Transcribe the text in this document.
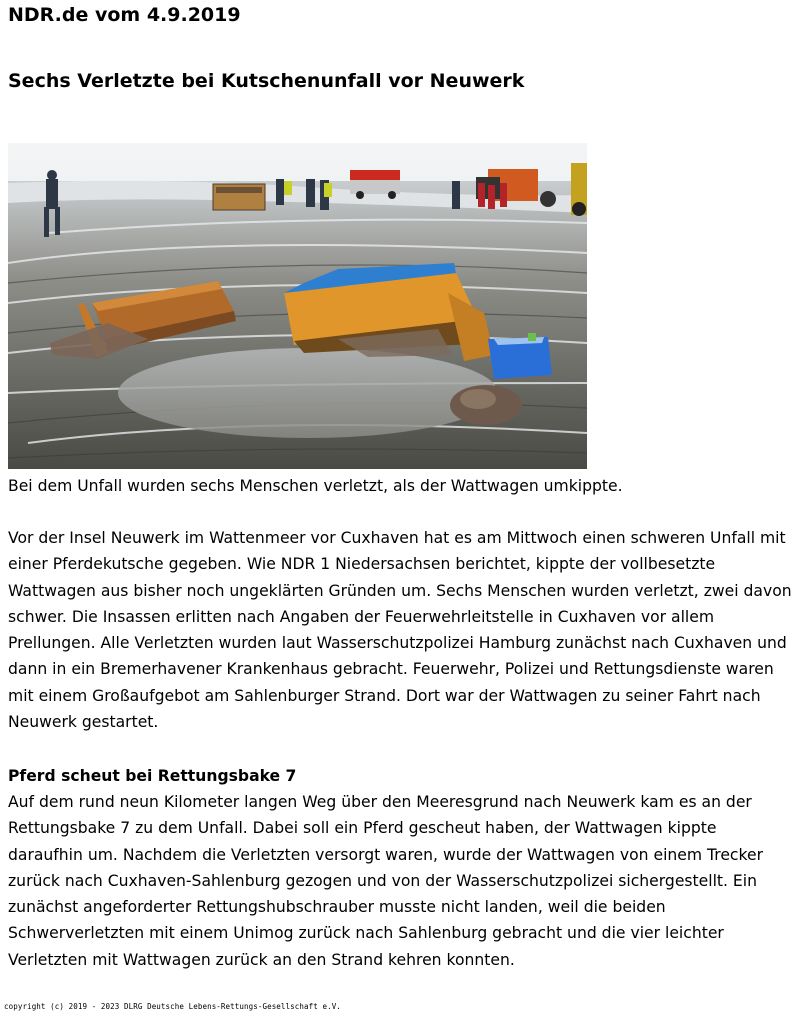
NDR.de vom 4.9.2019
Sechs Verletzte bei Kutschenunfall vor Neuwerk

Bei dem Unfall wurden sechs Menschen verletzt, als der Wattwagen umkippte.

Vor der Insel Neuwerk im Wattenmeer vor Cuxhaven hat es am Mittwoch einen schweren Unfall mit einer Pferdekutsche gegeben. Wie NDR 1 Niedersachsen berichtet, kippte der vollbesetzte Wattwagen aus bisher noch ungeklärten Gründen um. Sechs Menschen wurden verletzt, zwei davon schwer. Die Insassen erlitten nach Angaben der Feuerwehrleitstelle in Cuxhaven vor allem Prellungen. Alle Verletzten wurden laut Wasserschutzpolizei Hamburg zunächst nach Cuxhaven und dann in ein Bremerhavener Krankenhaus gebracht. Feuerwehr, Polizei und Rettungsdienste waren mit einem Großaufgebot am Sahlenburger Strand. Dort war der Wattwagen zu seiner Fahrt nach Neuwerk gestartet.

Pferd scheut bei Rettungsbake 7

Auf dem rund neun Kilometer langen Weg über den Meeresgrund nach Neuwerk kam es an der Rettungsbake 7 zu dem Unfall. Dabei soll ein Pferd gescheut haben, der Wattwagen kippte daraufhin um. Nachdem die Verletzten versorgt waren, wurde der Wattwagen von einem Trecker zurück nach Cuxhaven-Sahlenburg gezogen und von der Wasserschutzpolizei sichergestellt. Ein zunächst angeforderter Rettungshubschrauber musste nicht landen, weil die beiden Schwerverletzten mit einem Unimog zurück nach Sahlenburg gebracht und die vier leichter Verletzten mit Wattwagen zurück an den Strand kehren konnten.

copyright (c) 2019 - 2023 DLRG Deutsche Lebens-Rettungs-Gesellschaft e.V.
